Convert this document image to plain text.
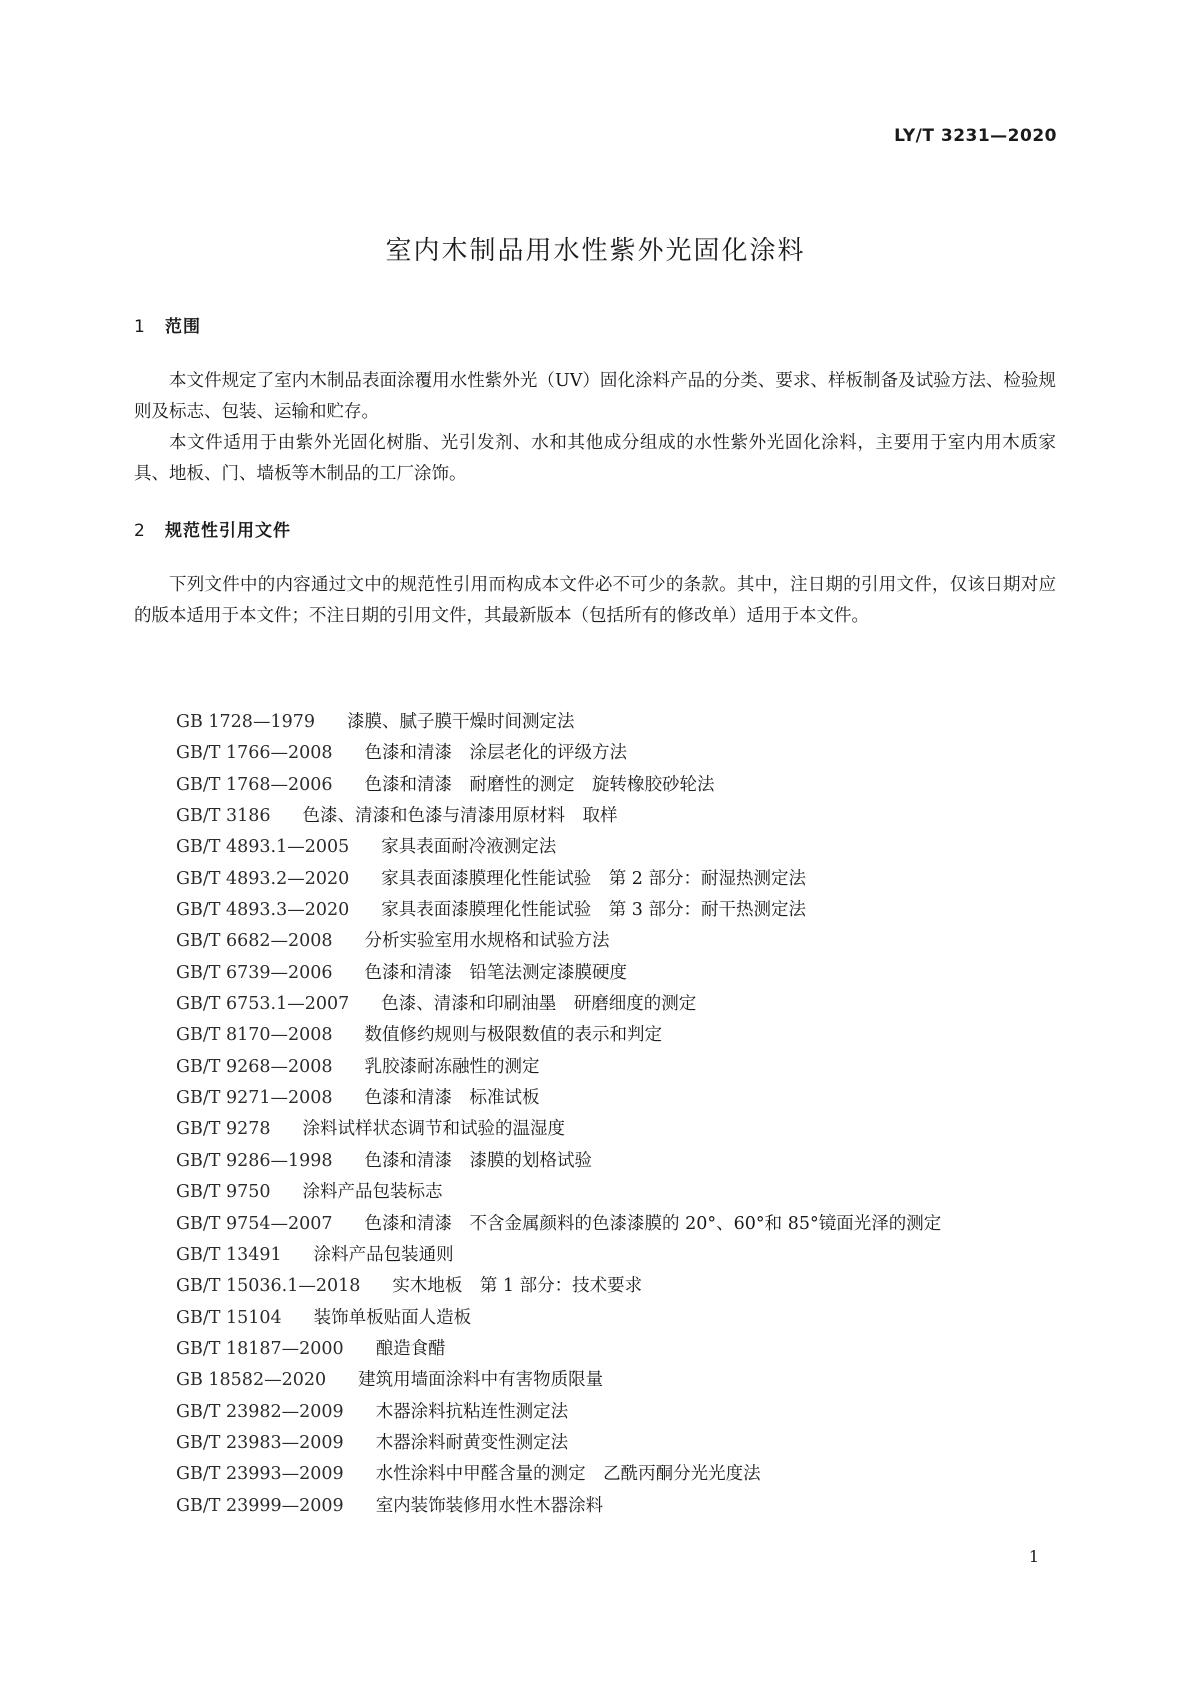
LY/T 3231—2020
室内木制品用水性紫外光固化涂料
1 范围

本文件规定了室内木制品表面涂覆用水性紫外光（UV）固化涂料产品的分类、要求、样板制备及试验方法、检验规则及标志、包装、运输和贮存。

本文件适用于由紫外光固化树脂、光引发剂、水和其他成分组成的水性紫外光固化涂料，主要用于室内用木质家具、地板、门、墙板等木制品的工厂涂饰。

2 规范性引用文件

下列文件中的内容通过文中的规范性引用而构成本文件必不可少的条款。其中，注日期的引用文件，仅该日期对应的版本适用于本文件；不注日期的引用文件，其最新版本（包括所有的修改单）适用于本文件。

GB 1728—1979 漆膜、腻子膜干燥时间测定法
GB/T 1766—2008 色漆和清漆　涂层老化的评级方法
GB/T 1768—2006 色漆和清漆　耐磨性的测定　旋转橡胶砂轮法
GB/T 3186 色漆、清漆和色漆与清漆用原材料　取样
GB/T 4893.1—2005 家具表面耐冷液测定法
GB/T 4893.2—2020 家具表面漆膜理化性能试验　第 2 部分：耐湿热测定法
GB/T 4893.3—2020 家具表面漆膜理化性能试验　第 3 部分：耐干热测定法
GB/T 6682—2008 分析实验室用水规格和试验方法
GB/T 6739—2006 色漆和清漆　铅笔法测定漆膜硬度
GB/T 6753.1—2007 色漆、清漆和印刷油墨　研磨细度的测定
GB/T 8170—2008 数值修约规则与极限数值的表示和判定
GB/T 9268—2008 乳胶漆耐冻融性的测定
GB/T 9271—2008 色漆和清漆　标准试板
GB/T 9278 涂料试样状态调节和试验的温湿度
GB/T 9286—1998 色漆和清漆　漆膜的划格试验
GB/T 9750 涂料产品包装标志
GB/T 9754—2007 色漆和清漆　不含金属颜料的色漆漆膜的 20°、60°和 85°镜面光泽的测定
GB/T 13491 涂料产品包装通则
GB/T 15036.1—2018 实木地板　第 1 部分：技术要求
GB/T 15104 装饰单板贴面人造板
GB/T 18187—2000 酿造食醋
GB 18582—2020 建筑用墙面涂料中有害物质限量
GB/T 23982—2009 木器涂料抗粘连性测定法
GB/T 23983—2009 木器涂料耐黄变性测定法
GB/T 23993—2009 水性涂料中甲醛含量的测定　乙酰丙酮分光光度法
GB/T 23999—2009 室内装饰装修用水性木器涂料
1
